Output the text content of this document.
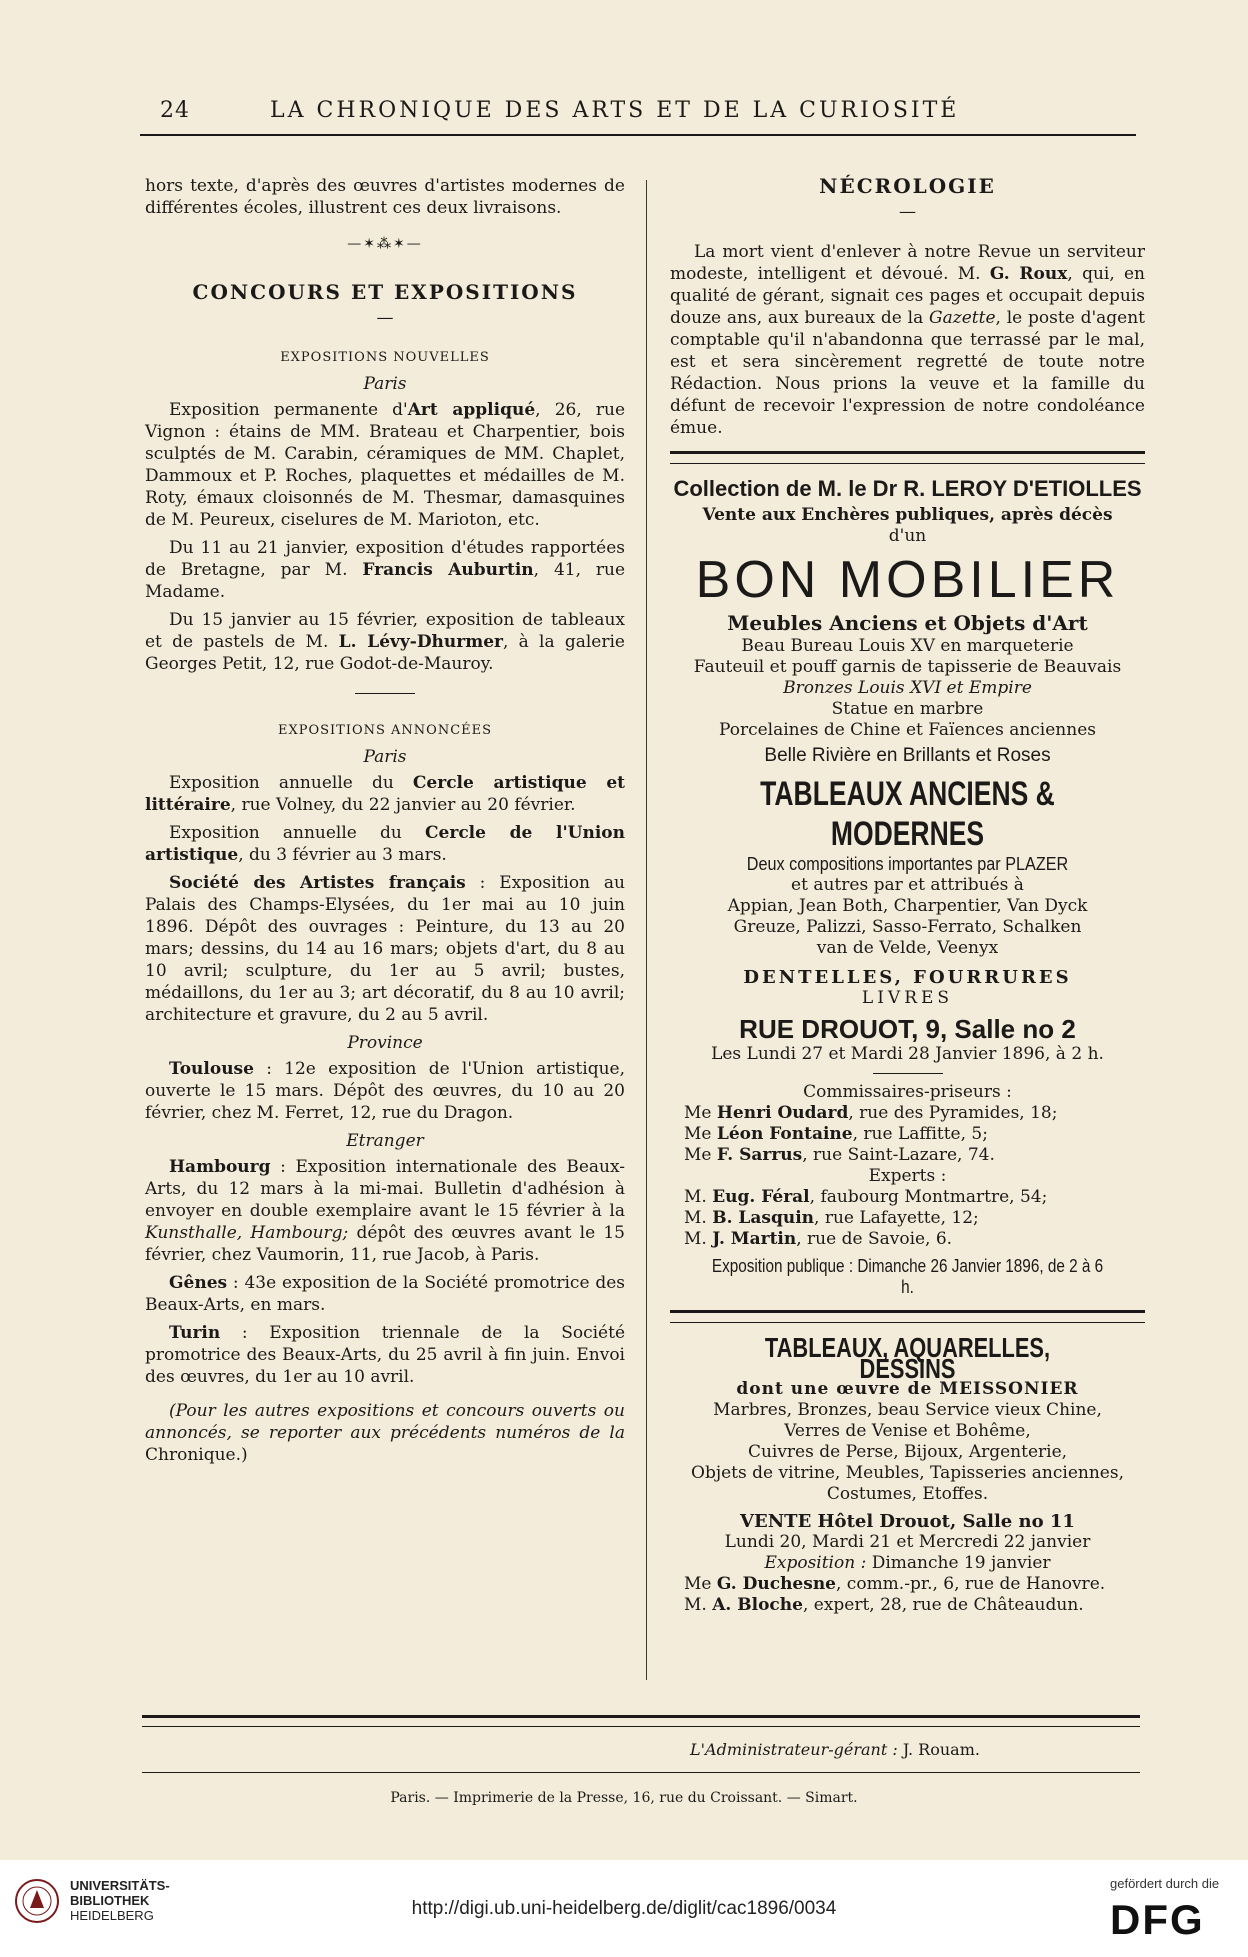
24	LA CHRONIQUE DES ARTS ET DE LA CURIOSITÉ

hors texte, d'après des œuvres d'artistes modernes de différentes écoles, illustrent ces deux livraisons.

—✶⁂✶—
CONCOURS ET EXPOSITIONS
—
EXPOSITIONS NOUVELLES
Paris

Exposition permanente d'Art appliqué, 26, rue Vignon : étains de MM. Brateau et Charpentier, bois sculptés de M. Carabin, céramiques de MM. Chaplet, Dammoux et P. Roches, plaquettes et médailles de M. Roty, émaux cloisonnés de M. Thesmar, damasquines de M. Peureux, ciselures de M. Marioton, etc.

Du 11 au 21 janvier, exposition d'études rapportées de Bretagne, par M. Francis Auburtin, 41, rue Madame.

Du 15 janvier au 15 février, exposition de tableaux et de pastels de M. L. Lévy-Dhurmer, à la galerie Georges Petit, 12, rue Godot-de-Mauroy.

EXPOSITIONS ANNONCÉES
Paris

Exposition annuelle du Cercle artistique et littéraire, rue Volney, du 22 janvier au 20 février.

Exposition annuelle du Cercle de l'Union artistique, du 3 février au 3 mars.

Société des Artistes français : Exposition au Palais des Champs-Elysées, du 1er mai au 10 juin 1896. Dépôt des ouvrages : Peinture, du 13 au 20 mars; dessins, du 14 au 16 mars; objets d'art, du 8 au 10 avril; sculpture, du 1er au 5 avril; bustes, médaillons, du 1er au 3; art décoratif, du 8 au 10 avril; architecture et gravure, du 2 au 5 avril.

Province

Toulouse : 12e exposition de l'Union artistique, ouverte le 15 mars. Dépôt des œuvres, du 10 au 20 février, chez M. Ferret, 12, rue du Dragon.

Etranger

Hambourg : Exposition internationale des Beaux-Arts, du 12 mars à la mi-mai. Bulletin d'adhésion à envoyer en double exemplaire avant le 15 février à la Kunsthalle, Hambourg; dépôt des œuvres avant le 15 février, chez Vaumorin, 11, rue Jacob, à Paris.

Gênes : 43e exposition de la Société promotrice des Beaux-Arts, en mars.

Turin : Exposition triennale de la Société promotrice des Beaux-Arts, du 25 avril à fin juin. Envoi des œuvres, du 1er au 10 avril.

(Pour les autres expositions et concours ouverts ou annoncés, se reporter aux précédents numéros de la Chronique.)

NÉCROLOGIE
—

La mort vient d'enlever à notre Revue un serviteur modeste, intelligent et dévoué. M. G. Roux, qui, en qualité de gérant, signait ces pages et occupait depuis douze ans, aux bureaux de la Gazette, le poste d'agent comptable qu'il n'abandonna que terrassé par le mal, est et sera sincèrement regretté de toute notre Rédaction. Nous prions la veuve et la famille du défunt de recevoir l'expression de notre condoléance émue.

Collection de M. le Dr R. LEROY D'ETIOLLES
Vente aux Enchères publiques, après décès
d'un
BON MOBILIER
Meubles Anciens et Objets d'Art
Beau Bureau Louis XV en marqueterie
Fauteuil et pouff garnis de tapisserie de Beauvais
Bronzes Louis XVI et Empire
Statue en marbre
Porcelaines de Chine et Faïences anciennes
Belle Rivière en Brillants et Roses
TABLEAUX ANCIENS & MODERNES
Deux compositions importantes par PLAZER
et autres par et attribués à
Appian, Jean Both, Charpentier, Van Dyck
Greuze, Palizzi, Sasso-Ferrato, Schalken
van de Velde, Veenyx
DENTELLES, FOURRURES
LIVRES
RUE DROUOT, 9, Salle no 2
Les Lundi 27 et Mardi 28 Janvier 1896, à 2 h.
Commissaires-priseurs :
Me Henri Oudard, rue des Pyramides, 18;
Me Léon Fontaine, rue Laffitte, 5;
Me F. Sarrus, rue Saint-Lazare, 74.
Experts :
M. Eug. Féral, faubourg Montmartre, 54;
M. B. Lasquin, rue Lafayette, 12;
M. J. Martin, rue de Savoie, 6.
Exposition publique : Dimanche 26 Janvier 1896, de 2 à 6 h.
TABLEAUX, AQUARELLES, DESSINS
dont une œuvre de MEISSONIER
Marbres, Bronzes, beau Service vieux Chine,
Verres de Venise et Bohême,
Cuivres de Perse, Bijoux, Argenterie,
Objets de vitrine, Meubles, Tapisseries anciennes,
Costumes, Etoffes.
VENTE Hôtel Drouot, Salle no 11
Lundi 20, Mardi 21 et Mercredi 22 janvier
Exposition : Dimanche 19 janvier
Me G. Duchesne, comm.-pr., 6, rue de Hanovre.
M. A. Bloche, expert, 28, rue de Châteaudun.
L'Administrateur-gérant : J. Rouam.
Paris. — Imprimerie de la Presse, 16, rue du Croissant. — Simart.
UNIVERSITÄTS-
BIBLIOTHEK
HEIDELBERG	http://digi.ub.uni-heidelberg.de/diglit/cac1896/0034
gefördert durch die
DFG
